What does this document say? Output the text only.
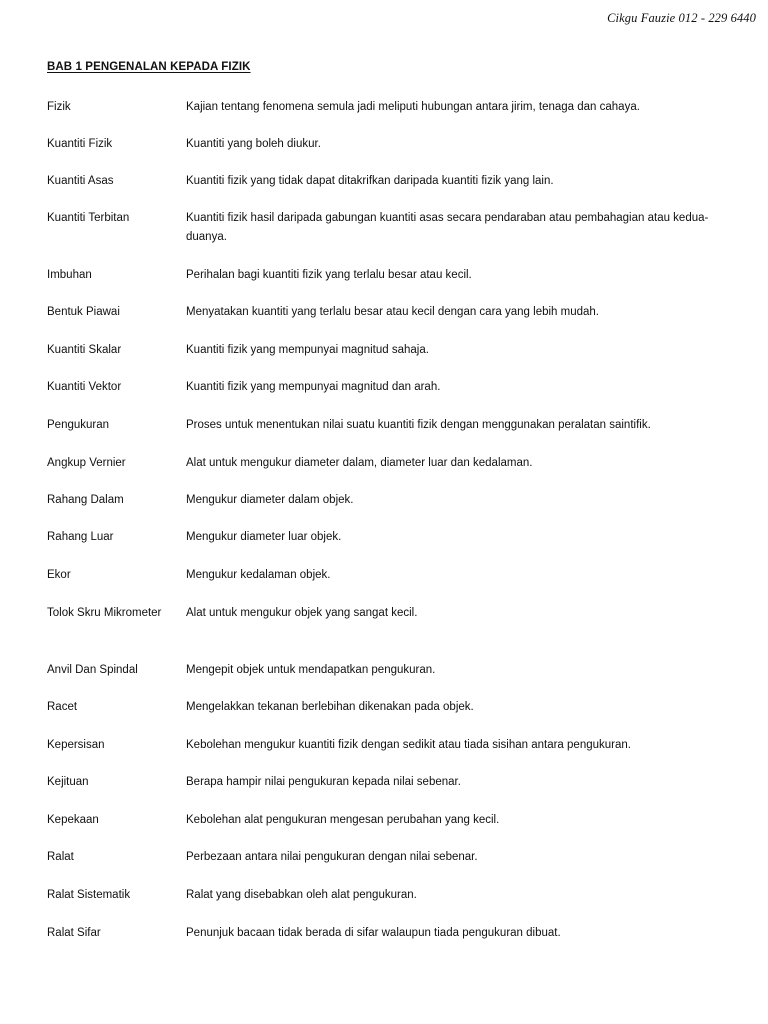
Cikgu Fauzie 012 - 229 6440
BAB 1 PENGENALAN KEPADA FIZIK
Fizik	Kajian tentang fenomena semula jadi meliputi hubungan antara jirim, tenaga dan cahaya.
Kuantiti Fizik	Kuantiti yang boleh diukur.
Kuantiti Asas	Kuantiti fizik yang tidak dapat ditakrifkan daripada kuantiti fizik yang lain.
Kuantiti Terbitan	Kuantiti fizik hasil daripada gabungan kuantiti asas secara pendaraban atau pembahagian atau kedua-duanya.
Imbuhan	Perihalan bagi kuantiti fizik yang terlalu besar atau kecil.
Bentuk Piawai	Menyatakan kuantiti yang terlalu besar atau kecil dengan cara yang lebih mudah.
Kuantiti Skalar	Kuantiti fizik yang mempunyai magnitud sahaja.
Kuantiti Vektor	Kuantiti fizik yang mempunyai magnitud dan arah.
Pengukuran	Proses untuk menentukan nilai suatu kuantiti fizik dengan menggunakan peralatan saintifik.
Angkup Vernier	Alat untuk mengukur diameter dalam, diameter luar dan kedalaman.
Rahang Dalam	Mengukur diameter dalam objek.
Rahang Luar	Mengukur diameter luar objek.
Ekor	Mengukur kedalaman objek.
Tolok Skru Mikrometer	Alat untuk mengukur objek yang sangat kecil.
Anvil Dan Spindal	Mengepit objek untuk mendapatkan pengukuran.
Racet	Mengelakkan tekanan berlebihan dikenakan pada objek.
Kepersisan	Kebolehan mengukur kuantiti fizik dengan sedikit atau tiada sisihan antara pengukuran.
Kejituan	Berapa hampir nilai pengukuran kepada nilai sebenar.
Kepekaan	Kebolehan alat pengukuran mengesan perubahan yang kecil.
Ralat	Perbezaan antara nilai pengukuran dengan nilai sebenar.
Ralat Sistematik	Ralat yang disebabkan oleh alat pengukuran.
Ralat Sifar	Penunjuk bacaan tidak berada di sifar walaupun tiada pengukuran dibuat.
